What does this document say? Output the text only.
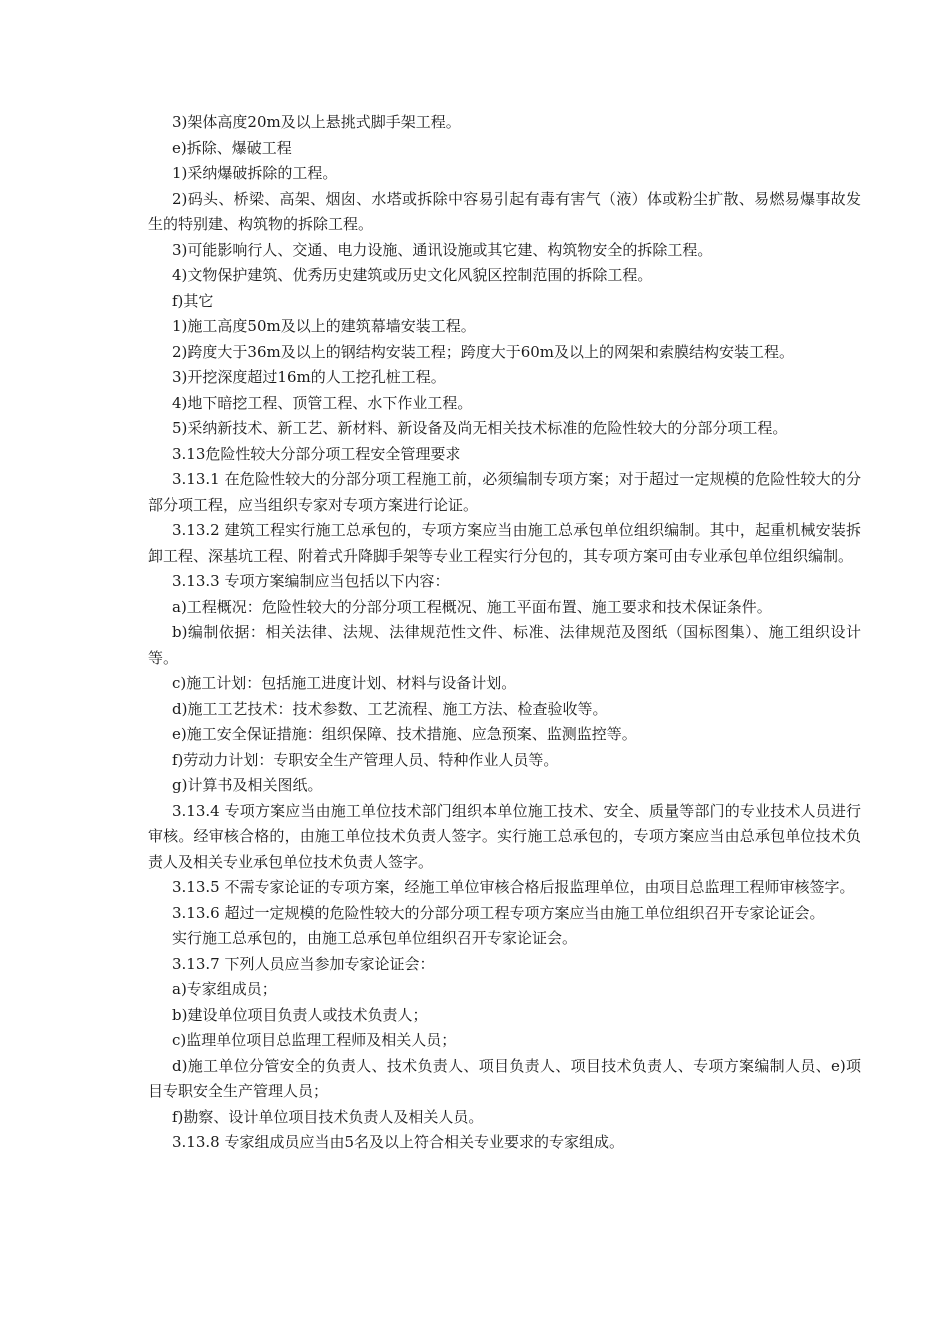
3)架体高度20m及以上悬挑式脚手架工程。

e)拆除、爆破工程

1)采纳爆破拆除的工程。

2)码头、桥梁、高架、烟囱、水塔或拆除中容易引起有毒有害气（液）体或粉尘扩散、易燃易爆事故发生的特别建、构筑物的拆除工程。

3)可能影响行人、交通、电力设施、通讯设施或其它建、构筑物安全的拆除工程。

4)文物保护建筑、优秀历史建筑或历史文化风貌区控制范围的拆除工程。

f)其它

1)施工高度50m及以上的建筑幕墙安装工程。

2)跨度大于36m及以上的钢结构安装工程；跨度大于60m及以上的网架和索膜结构安装工程。

3)开挖深度超过16m的人工挖孔桩工程。

4)地下暗挖工程、顶管工程、水下作业工程。

5)采纳新技术、新工艺、新材料、新设备及尚无相关技术标准的危险性较大的分部分项工程。

3.13危险性较大分部分项工程安全管理要求

3.13.1 在危险性较大的分部分项工程施工前，必须编制专项方案；对于超过一定规模的危险性较大的分部分项工程，应当组织专家对专项方案进行论证。

3.13.2 建筑工程实行施工总承包的，专项方案应当由施工总承包单位组织编制。其中，起重机械安装拆卸工程、深基坑工程、附着式升降脚手架等专业工程实行分包的，其专项方案可由专业承包单位组织编制。

3.13.3 专项方案编制应当包括以下内容：

a)工程概况：危险性较大的分部分项工程概况、施工平面布置、施工要求和技术保证条件。

b)编制依据：相关法律、法规、法律规范性文件、标准、法律规范及图纸（国标图集）、施工组织设计等。

c)施工计划：包括施工进度计划、材料与设备计划。

d)施工工艺技术：技术参数、工艺流程、施工方法、检查验收等。

e)施工安全保证措施：组织保障、技术措施、应急预案、监测监控等。

f)劳动力计划：专职安全生产管理人员、特种作业人员等。

g)计算书及相关图纸。

3.13.4 专项方案应当由施工单位技术部门组织本单位施工技术、安全、质量等部门的专业技术人员进行审核。经审核合格的，由施工单位技术负责人签字。实行施工总承包的，专项方案应当由总承包单位技术负责人及相关专业承包单位技术负责人签字。

3.13.5 不需专家论证的专项方案，经施工单位审核合格后报监理单位，由项目总监理工程师审核签字。

3.13.6 超过一定规模的危险性较大的分部分项工程专项方案应当由施工单位组织召开专家论证会。

实行施工总承包的，由施工总承包单位组织召开专家论证会。

3.13.7 下列人员应当参加专家论证会：

a)专家组成员；

b)建设单位项目负责人或技术负责人；

c)监理单位项目总监理工程师及相关人员；

d)施工单位分管安全的负责人、技术负责人、项目负责人、项目技术负责人、专项方案编制人员、e)项目专职安全生产管理人员；

f)勘察、设计单位项目技术负责人及相关人员。

3.13.8 专家组成员应当由5名及以上符合相关专业要求的专家组成。
